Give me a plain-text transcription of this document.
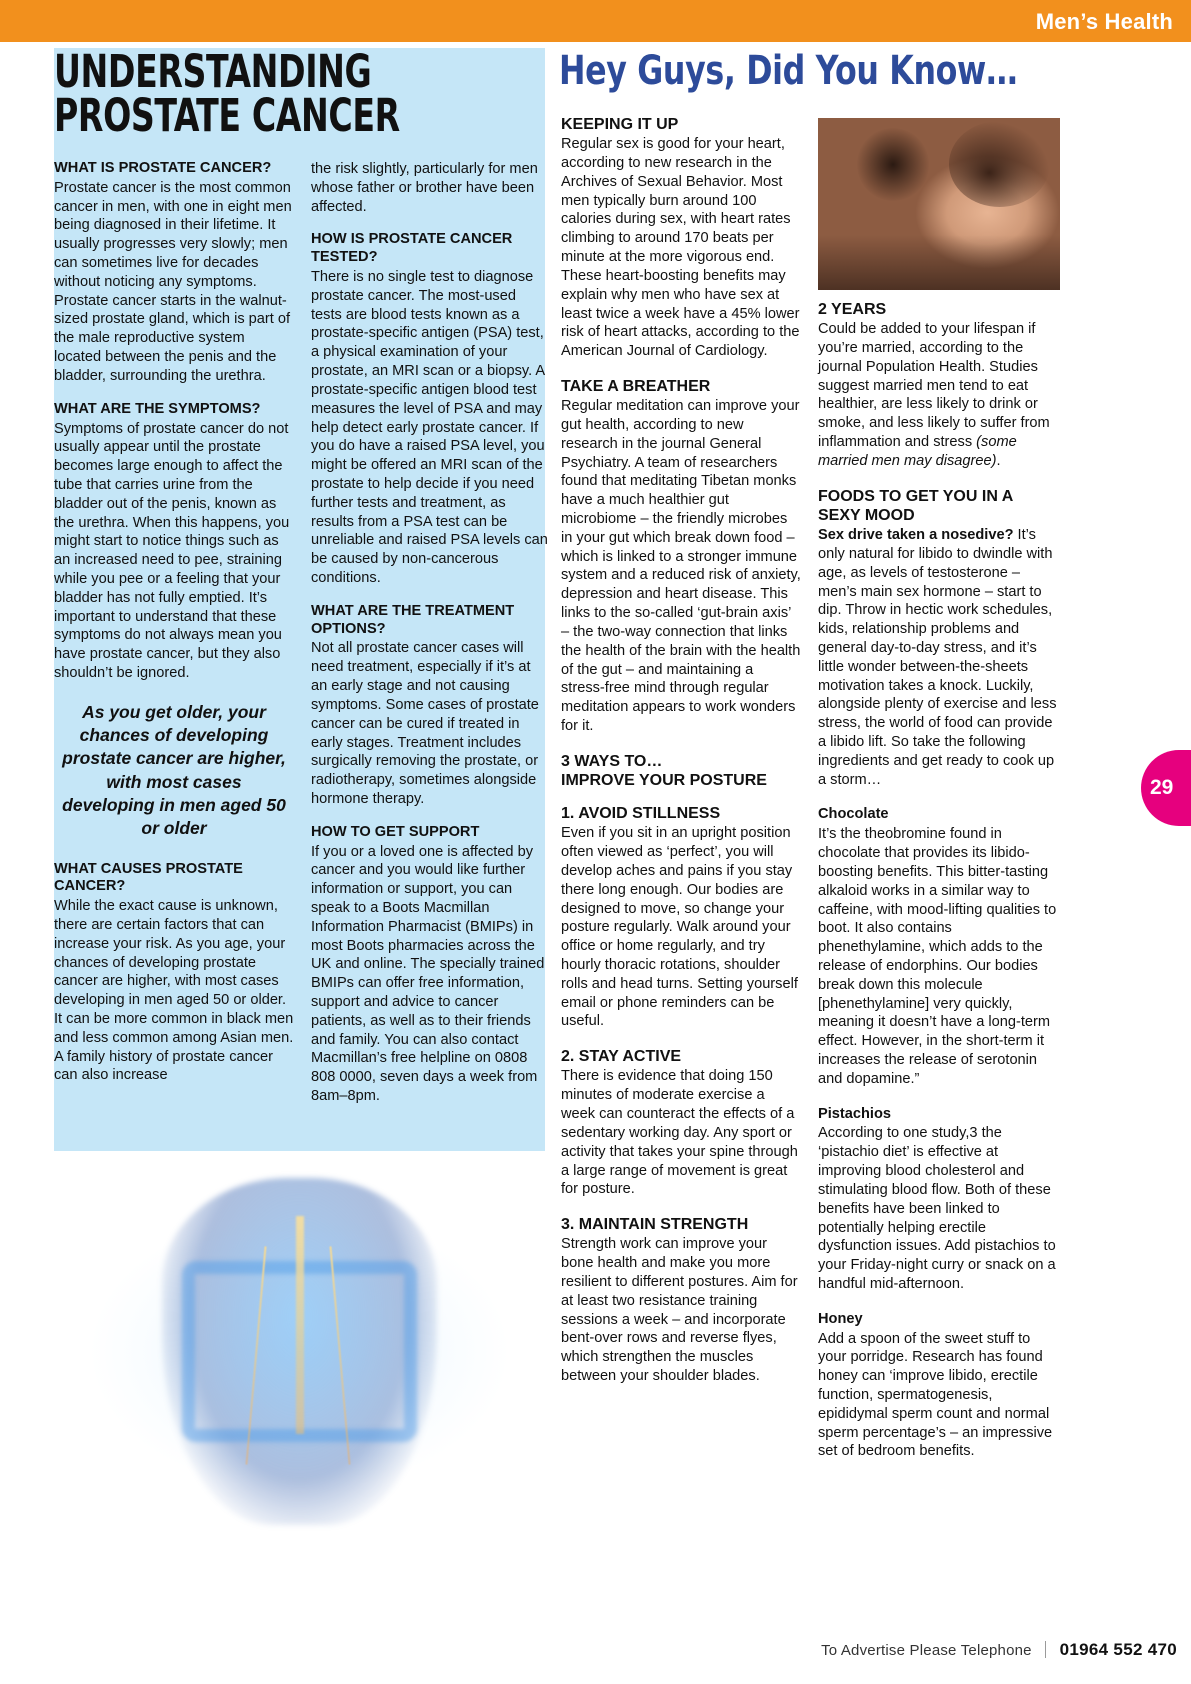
Men’s Health
UNDERSTANDING
PROSTATE CANCER
WHAT IS PROSTATE CANCER?

Prostate cancer is the most common cancer in men, with one in eight men being diagnosed in their lifetime. It usually progresses very slowly; men can sometimes live for decades without noticing any symptoms. Prostate cancer starts in the walnut-sized prostate gland, which is part of the male reproductive system located between the penis and the bladder, surrounding the urethra.

WHAT ARE THE SYMPTOMS?

Symptoms of prostate cancer do not usually appear until the prostate becomes large enough to affect the tube that carries urine from the bladder out of the penis, known as the urethra. When this happens, you might start to notice things such as an increased need to pee, straining while you pee or a feeling that your bladder has not fully emptied. It’s important to understand that these symptoms do not always mean you have prostate cancer, but they also shouldn’t be ignored.

As you get older, your chances of developing prostate cancer are higher, with most cases developing in men aged 50 or older
WHAT CAUSES PROSTATE CANCER?

While the exact cause is unknown, there are certain factors that can increase your risk. As you age, your chances of developing prostate cancer are higher, with most cases developing in men aged 50 or older. It can be more common in black men and less common among Asian men. A family history of prostate cancer can also increase

the risk slightly, particularly for men whose father or brother have been affected.

HOW IS PROSTATE CANCER TESTED?

There is no single test to diagnose prostate cancer. The most-used tests are blood tests known as a prostate-specific antigen (PSA) test, a physical examination of your prostate, an MRI scan or a biopsy. A prostate-specific antigen blood test measures the level of PSA and may help detect early prostate cancer. If you do have a raised PSA level, you might be offered an MRI scan of the prostate to help decide if you need further tests and treatment, as results from a PSA test can be unreliable and raised PSA levels can be caused by non-cancerous conditions.

WHAT ARE THE TREATMENT OPTIONS?

Not all prostate cancer cases will need treatment, especially if it’s at an early stage and not causing symptoms. Some cases of prostate cancer can be cured if treated in early stages. Treatment includes surgically removing the prostate, or radiotherapy, sometimes alongside hormone therapy.

HOW TO GET SUPPORT

If you or a loved one is affected by cancer and you would like further information or support, you can speak to a Boots Macmillan Information Pharmacist (BMIPs) in most Boots pharmacies across the UK and online. The specially trained BMIPs can offer free information, support and advice to cancer patients, as well as to their friends and family. You can also contact Macmillan’s free helpline on 0808 808 0000, seven days a week from 8am–8pm.

Hey Guys, Did You Know…
KEEPING IT UP

Regular sex is good for your heart, according to new research in the Archives of Sexual Behavior. Most men typically burn around 100 calories during sex, with heart rates climbing to around 170 beats per minute at the more vigorous end. These heart-boosting benefits may explain why men who have sex at least twice a week have a 45% lower risk of heart attacks, according to the American Journal of Cardiology.

TAKE A BREATHER

Regular meditation can improve your gut health, according to new research in the journal General Psychiatry. A team of researchers found that meditating Tibetan monks have a much healthier gut microbiome – the friendly microbes in your gut which break down food – which is linked to a stronger immune system and a reduced risk of anxiety, depression and heart disease. This links to the so-called ‘gut-brain axis’ – the two-way connection that links the health of the brain with the health of the gut – and maintaining a stress-free mind through regular meditation appears to work wonders for it.

3 WAYS TO…
IMPROVE YOUR POSTURE
1. AVOID STILLNESS

Even if you sit in an upright position often viewed as ‘perfect’, you will develop aches and pains if you stay there long enough. Our bodies are designed to move, so change your posture regularly. Walk around your office or home regularly, and try hourly thoracic rotations, shoulder rolls and head turns. Setting yourself email or phone reminders can be useful.

2. STAY ACTIVE

There is evidence that doing 150 minutes of moderate exercise a week can counteract the effects of a sedentary working day. Any sport or activity that takes your spine through a large range of movement is great for posture.

3. MAINTAIN STRENGTH

Strength work can improve your bone health and make you more resilient to different postures. Aim for at least two resistance training sessions a week – and incorporate bent-over rows and reverse flyes, which strengthen the muscles between your shoulder blades.

2 YEARS

Could be added to your lifespan if you’re married, according to the journal Population Health. Studies suggest married men tend to eat healthier, are less likely to drink or smoke, and less likely to suffer from inflammation and stress (some married men may disagree).

FOODS TO GET YOU IN A
SEXY MOOD

Sex drive taken a nosedive? It’s only natural for libido to dwindle with age, as levels of testosterone – men’s main sex hormone – start to dip. Throw in hectic work schedules, kids, relationship problems and general day-to-day stress, and it’s little wonder between-the-sheets motivation takes a knock. Luckily, alongside plenty of exercise and less stress, the world of food can provide a libido lift. So take the following ingredients and get ready to cook up a storm…

Chocolate

It’s the theobromine found in chocolate that provides its libido-boosting benefits. This bitter-tasting alkaloid works in a similar way to caffeine, with mood-lifting qualities to boot. It also contains phenethylamine, which adds to the release of endorphins. Our bodies break down this molecule [phenethylamine] very quickly, meaning it doesn’t have a long-term effect. However, in the short-term it increases the release of serotonin and dopamine.”

Pistachios

According to one study,3 the ‘pistachio diet’ is effective at improving blood cholesterol and stimulating blood flow. Both of these benefits have been linked to potentially helping erectile dysfunction issues. Add pistachios to your Friday-night curry or snack on a handful mid-afternoon.

Honey

Add a spoon of the sweet stuff to your porridge. Research has found honey can ‘improve libido, erectile function, spermatogenesis, epididymal sperm count and normal sperm percentage’s – an impressive set of bedroom benefits.

29
To Advertise Please Telephone 01964 552 470
